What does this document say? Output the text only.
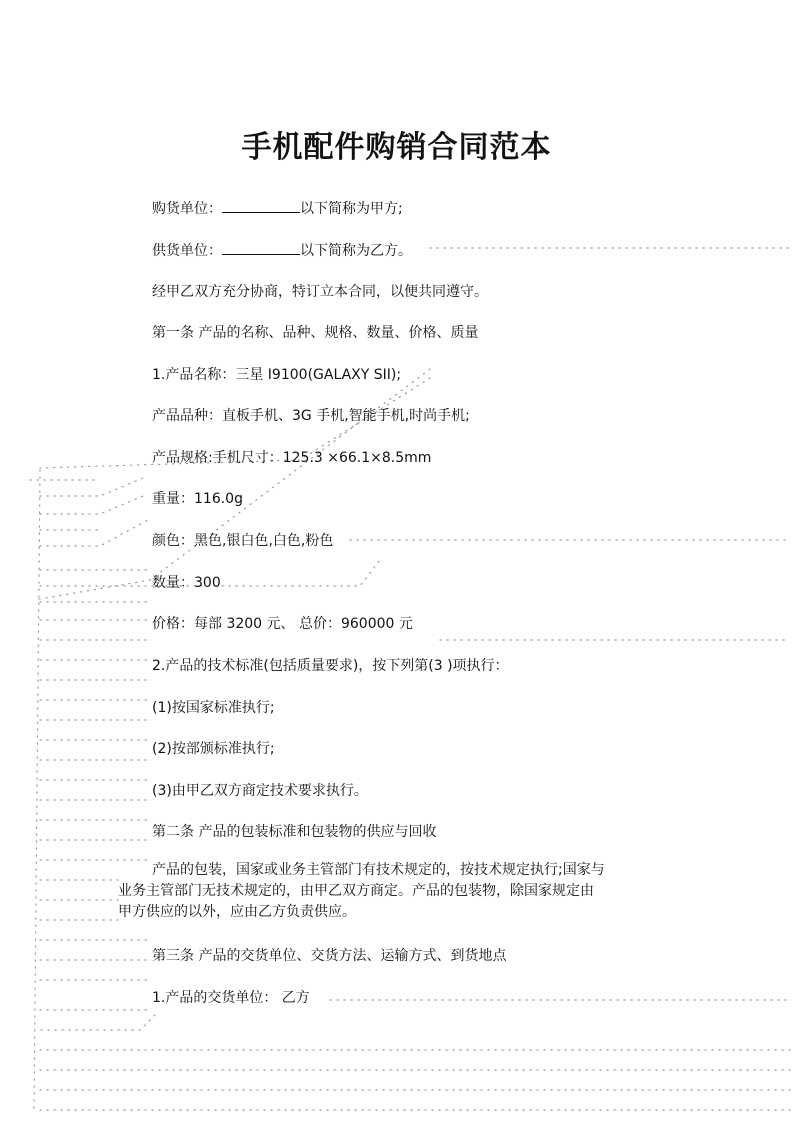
手机配件购销合同范本
购货单位：	以下简称为甲方;
供货单位：	以下简称为乙方。
经甲乙双方充分协商，特订立本合同，以便共同遵守。
第一条 产品的名称、品种、规格、数量、价格、质量
1.产品名称：三星 I9100(GALAXY SII);
产品品种：直板手机、3G 手机,智能手机,时尚手机;
产品规格:手机尺寸：125.3 ×66.1×8.5mm
重量：116.0g
颜色：黑色,银白色,白色,粉色
数量：300
价格：每部 3200 元、 总价：960000 元
2.产品的技术标准(包括质量要求)，按下列第(3 )项执行：
(1)按国家标准执行;
(2)按部颁标准执行;
(3)由甲乙双方商定技术要求执行。
第二条 产品的包装标准和包装物的供应与回收
产品的包装，国家或业务主管部门有技术规定的，按技术规定执行;国家与
业务主管部门无技术规定的，由甲乙双方商定。产品的包装物，除国家规定由
甲方供应的以外，应由乙方负责供应。
第三条 产品的交货单位、交货方法、运输方式、到货地点
1.产品的交货单位： 乙方
